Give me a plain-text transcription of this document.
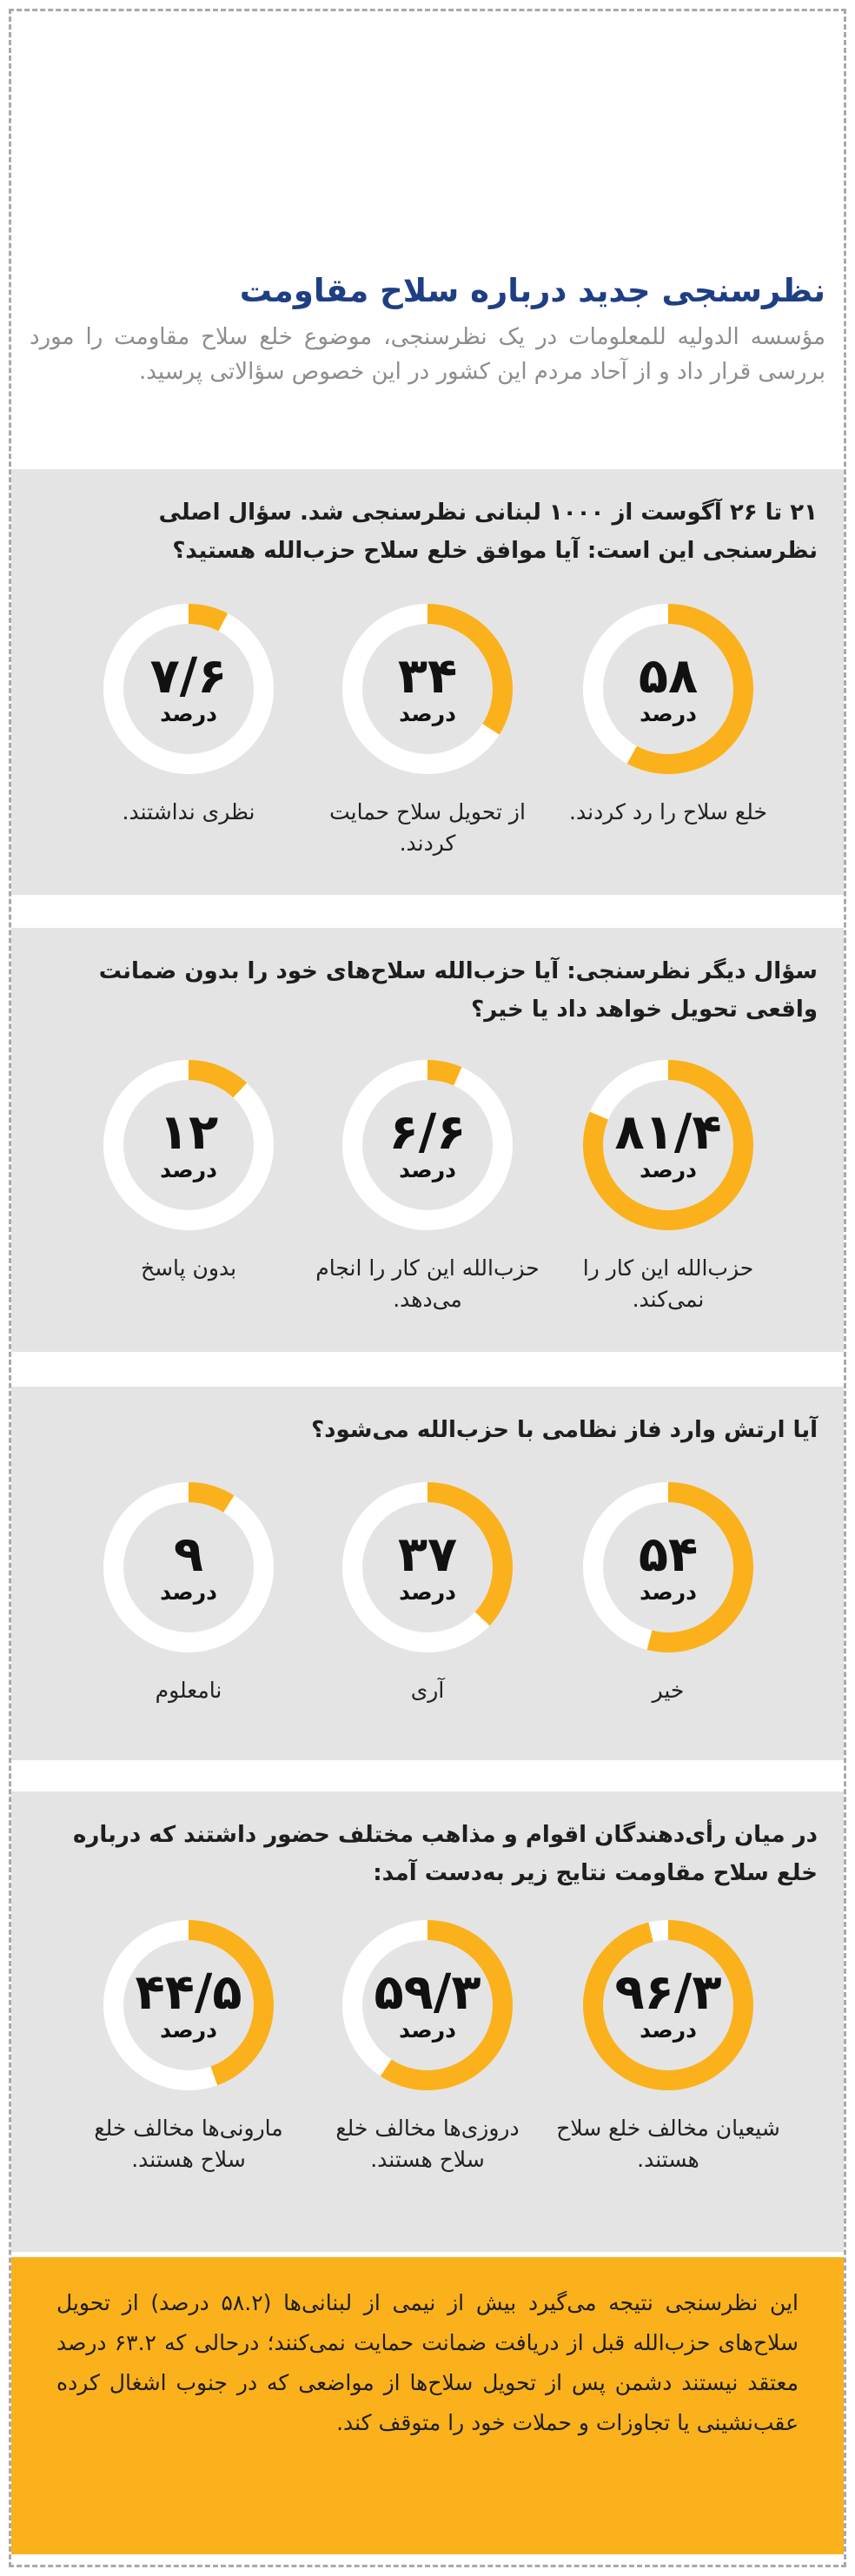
نظرسنجی جدید درباره سلاح مقاومت

مؤسسه الدولیه للمعلومات در یک نظرسنجی، موضوع خلع سلاح مقاومت را مورد بررسی قرار داد و از آحاد مردم این کشور در این خصوص سؤالاتی پرسید.

۲۱ تا ۲۶ آگوست از ۱۰۰۰ لبنانی نظرسنجی شد. سؤال اصلی نظرسنجی این است: آیا موافق خلع سلاح حزب‌الله هستید؟

۵۸
درصد

خلع سلاح را رد کردند.

۳۴
درصد

از تحویل سلاح حمایت کردند.

۷/۶
درصد

نظری نداشتند.

سؤال دیگر نظرسنجی: آیا حزب‌الله سلاح‌های خود را بدون ضمانت واقعی تحویل خواهد داد یا خیر؟

۸۱/۴
درصد

حزب‌الله این کار را نمی‌کند.

۶/۶
درصد

حزب‌الله این کار را انجام می‌دهد.

۱۲
درصد

بدون پاسخ

آیا ارتش وارد فاز نظامی با حزب‌الله می‌شود؟

۵۴
درصد

خیر

۳۷
درصد

آری

۹
درصد

نامعلوم

در میان رأی‌دهندگان اقوام و مذاهب مختلف حضور داشتند که درباره خلع سلاح مقاومت نتایج زیر به‌دست آمد:

۹۶/۳
درصد

شیعیان مخالف خلع سلاح هستند.

۵۹/۳
درصد

دروزی‌ها مخالف خلع سلاح هستند.

۴۴/۵
درصد

مارونی‌ها مخالف خلع سلاح هستند.

این نظرسنجی نتیجه می‌گیرد بیش از نیمی از لبنانی‌ها (۵۸.۲ درصد) از تحویل سلاح‌های حزب‌الله قبل از دریافت ضمانت حمایت نمی‌کنند؛ درحالی که ۶۳.۲ درصد معتقد نیستند دشمن پس از تحویل سلاح‌ها از مواضعی که در جنوب اشغال کرده عقب‌نشینی یا تجاوزات و حملات خود را متوقف کند.
